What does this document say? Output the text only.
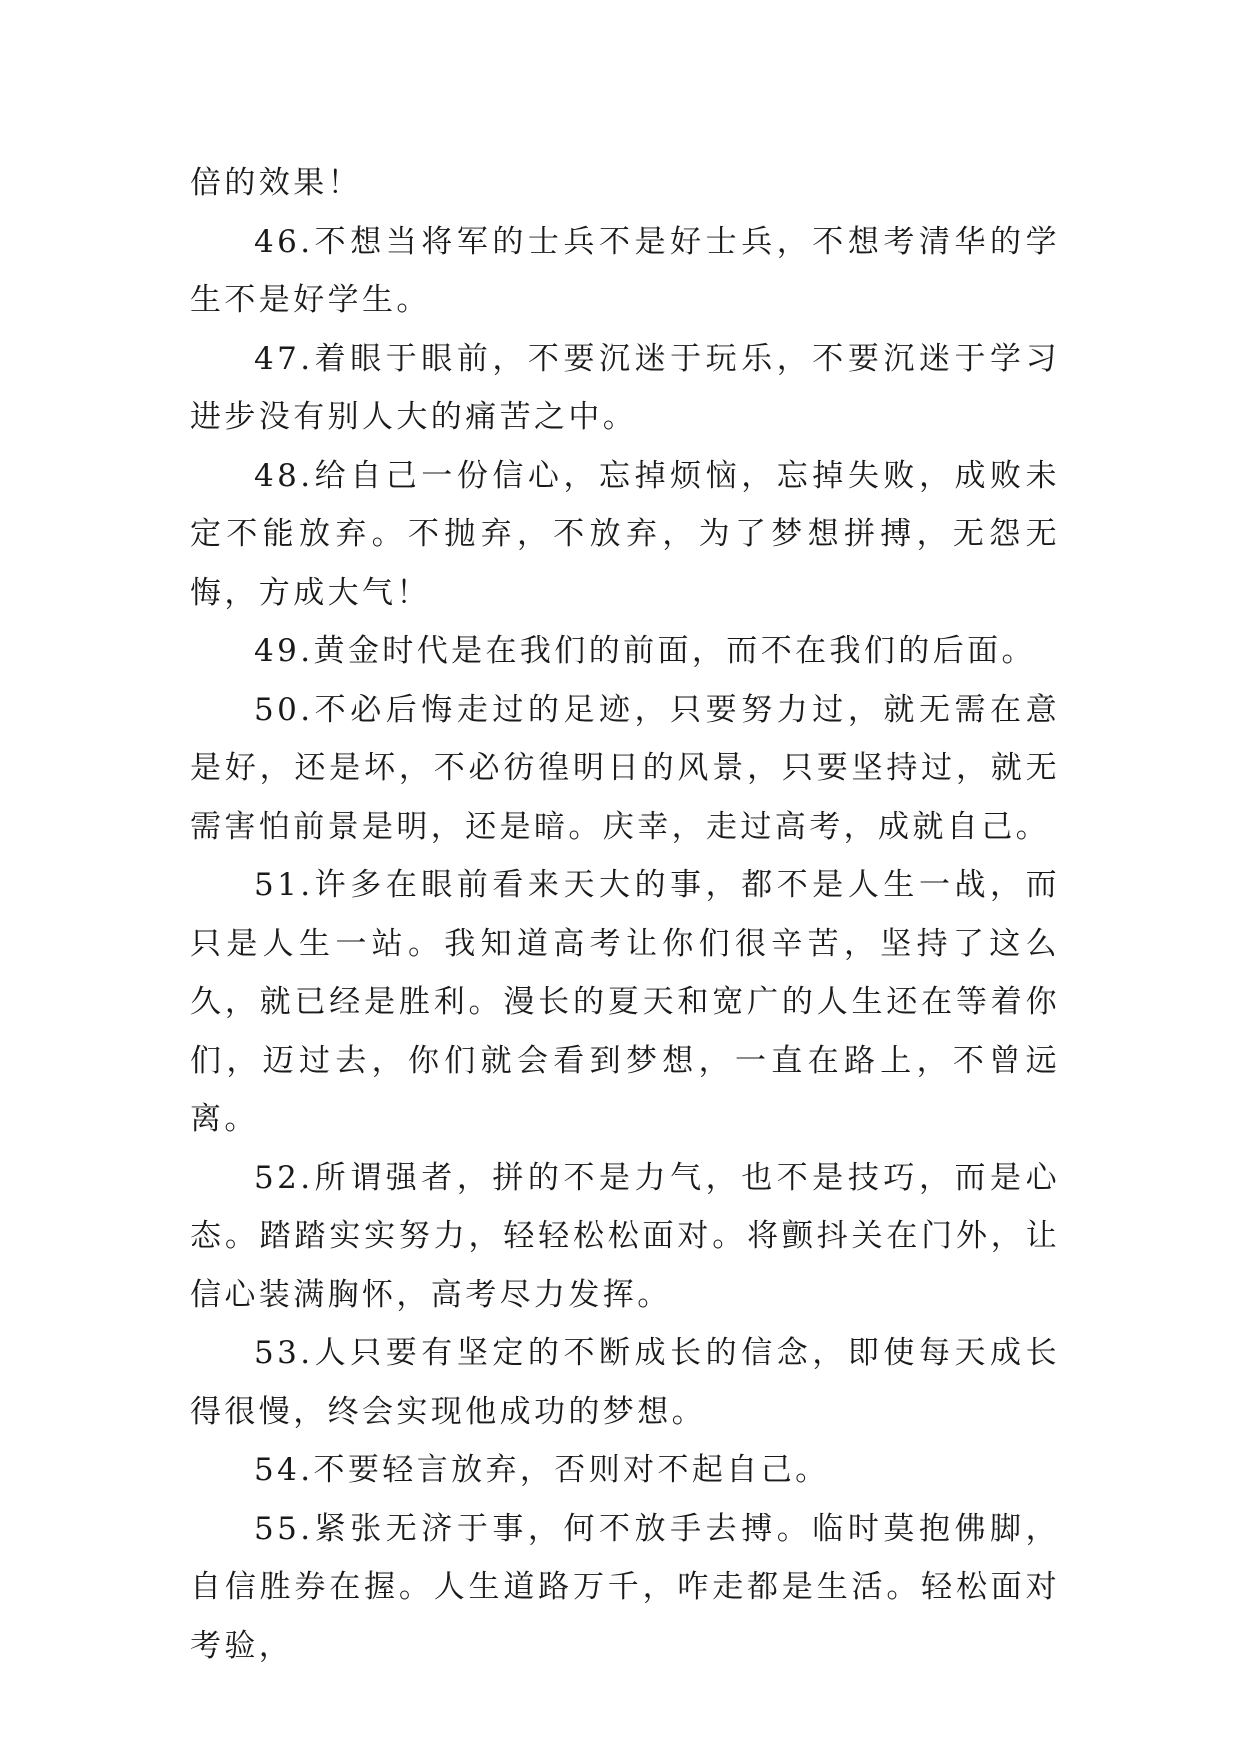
倍的效果！

46.不想当将军的士兵不是好士兵，不想考清华的学生不是好学生。

47.着眼于眼前，不要沉迷于玩乐，不要沉迷于学习进步没有别人大的痛苦之中。

48.给自己一份信心，忘掉烦恼，忘掉失败，成败未定不能放弃。不抛弃，不放弃，为了梦想拼搏，无怨无悔，方成大气！

49.黄金时代是在我们的前面，而不在我们的后面。

50.不必后悔走过的足迹，只要努力过，就无需在意是好，还是坏，不必彷徨明日的风景，只要坚持过，就无需害怕前景是明，还是暗。庆幸，走过高考，成就自己。

51.许多在眼前看来天大的事，都不是人生一战，而只是人生一站。我知道高考让你们很辛苦，坚持了这么久，就已经是胜利。漫长的夏天和宽广的人生还在等着你们，迈过去，你们就会看到梦想，一直在路上，不曾远离。

52.所谓强者，拼的不是力气，也不是技巧，而是心态。踏踏实实努力，轻轻松松面对。将颤抖关在门外，让信心装满胸怀，高考尽力发挥。

53.人只要有坚定的不断成长的信念，即使每天成长得很慢，终会实现他成功的梦想。

54.不要轻言放弃，否则对不起自己。

55.紧张无济于事，何不放手去搏。临时莫抱佛脚，自信胜券在握。人生道路万千，咋走都是生活。轻松面对考验，
